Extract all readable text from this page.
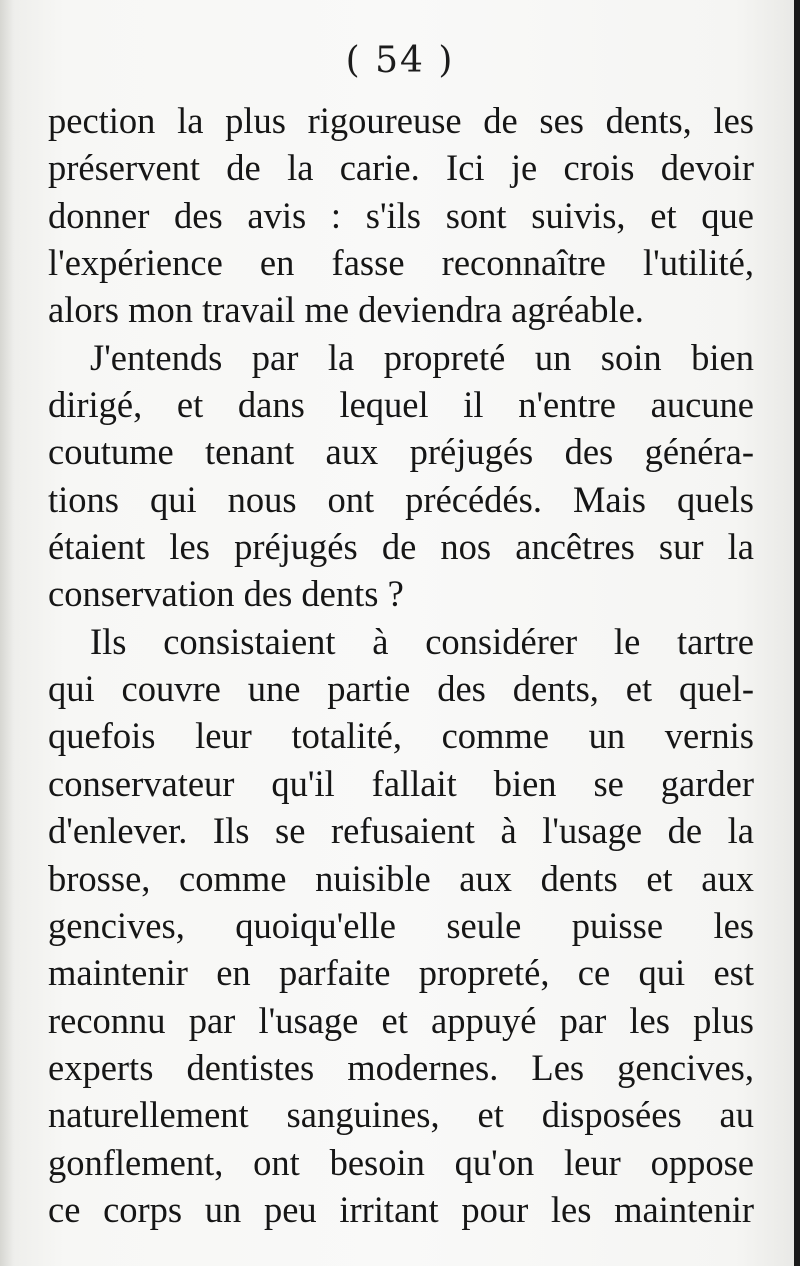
( 54 )
pection la plus rigoureuse de ses dents, les
préservent de la carie. Ici je crois devoir
donner des avis : s'ils sont suivis, et que
l'expérience en fasse reconnaître l'utilité,
alors mon travail me deviendra agréable.
J'entends par la propreté un soin bien
dirigé, et dans lequel il n'entre aucune
coutume tenant aux préjugés des généra-
tions qui nous ont précédés. Mais quels
étaient les préjugés de nos ancêtres sur la
conservation des dents ?
Ils consistaient à considérer le tartre
qui couvre une partie des dents, et quel-
quefois leur totalité, comme un vernis
conservateur qu'il fallait bien se garder
d'enlever. Ils se refusaient à l'usage de la
brosse, comme nuisible aux dents et aux
gencives, quoiqu'elle seule puisse les
maintenir en parfaite propreté, ce qui est
reconnu par l'usage et appuyé par les plus
experts dentistes modernes. Les gencives,
naturellement sanguines, et disposées au
gonflement, ont besoin qu'on leur oppose
ce corps un peu irritant pour les maintenir
